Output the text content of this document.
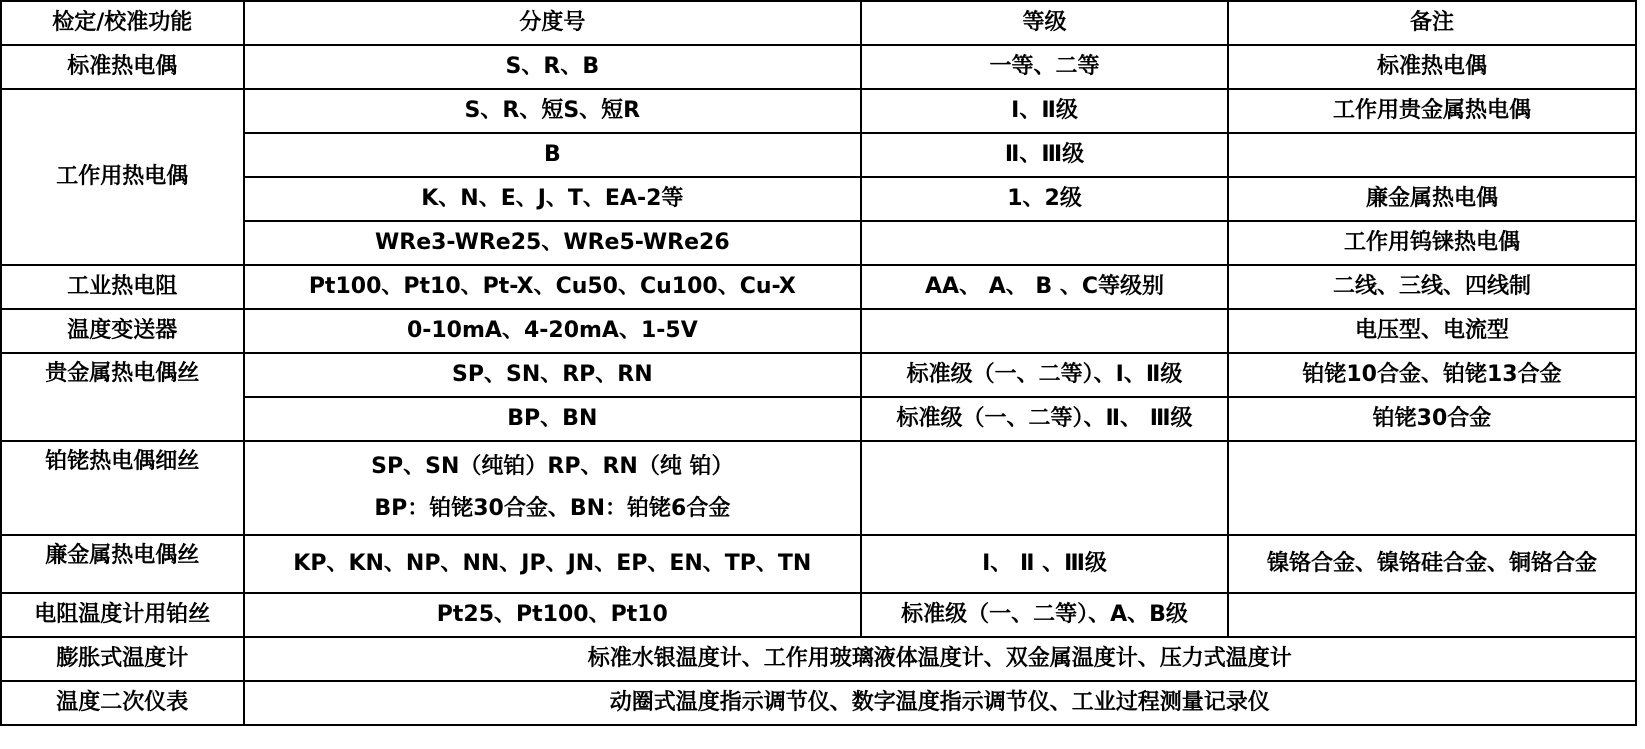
检定/校准功能	分度号	等级	备注
标准热电偶	S、R、B	一等、二等	标准热电偶
工作用热电偶	S、R、短S、短R	Ⅰ、Ⅱ级	工作用贵金属热电偶
	B	Ⅱ、Ⅲ级	
	K、N、E、J、T、EA-2等	1、2级	廉金属热电偶
	WRe3-WRe25、WRe5-WRe26		工作用钨铼热电偶
工业热电阻	Pt100、Pt10、Pt-X、Cu50、Cu100、Cu-X	AA、 A、 B 、C等级别	二线、三线、四线制
温度变送器	0-10mA、4-20mA、1-5V		电压型、电流型
贵金属热电偶丝	SP、SN、RP、RN	标准级（一、二等）、Ⅰ、Ⅱ级	铂铑10合金、铂铑13合金
	BP、BN	标准级（一、二等）、Ⅱ、 Ⅲ级	铂铑30合金
铂铑热电偶细丝	SP、SN（纯铂）RP、RN（纯 铂）
BP：铂铑30合金、BN：铂铑6合金		

廉金属热电偶丝	KP、KN、NP、NN、JP、JN、EP、EN、TP、TN	Ⅰ、 Ⅱ 、Ⅲ级	镍铬合金、镍铬硅合金、铜铬合金
电阻温度计用铂丝	Pt25、Pt100、Pt10	标准级（一、二等）、A、B级	
膨胀式温度计	标准水银温度计、工作用玻璃液体温度计、双金属温度计、压力式温度计		
温度二次仪表	动圈式温度指示调节仪、数字温度指示调节仪、工业过程测量记录仪		
